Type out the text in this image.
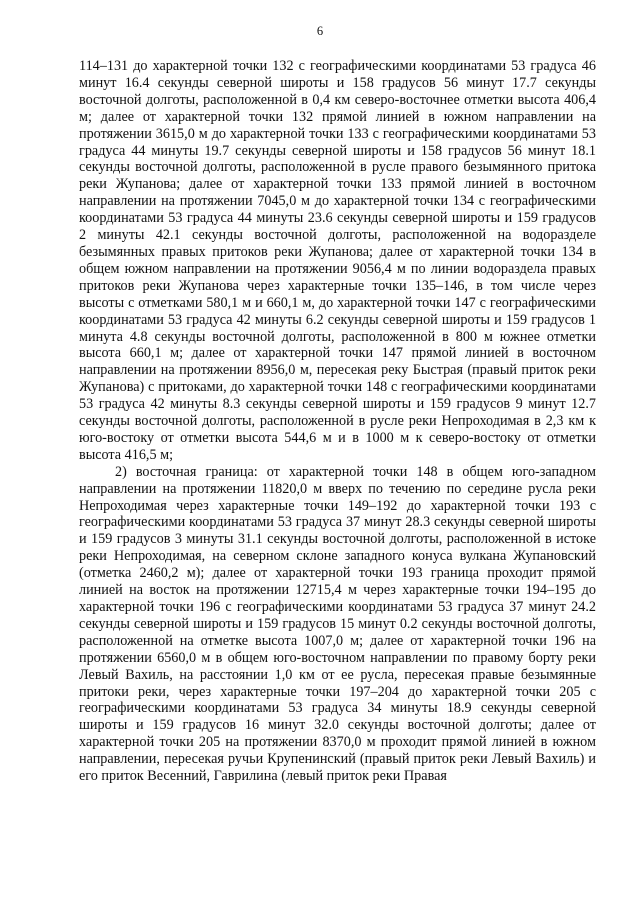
6

114–131 до характерной точки 132 с географическими координатами 53 градуса 46 минут 16.4 секунды северной широты и 158 градусов 56 минут 17.7 секунды восточной долготы, расположенной в 0,4 км северо-восточнее отметки высота 406,4 м; далее от характерной точки 132 прямой линией в южном направлении на протяжении 3615,0 м до характерной точки 133 с географическими координатами 53 градуса 44 минуты 19.7 секунды северной широты и 158 градусов 56 минут 18.1 секунды восточной долготы, расположенной в русле правого безымянного притока реки Жупанова; далее от характерной точки 133 прямой линией в восточном направлении на протяжении 7045,0 м до характерной точки 134 с географическими координатами 53 градуса 44 минуты 23.6 секунды северной широты и 159 градусов 2 минуты 42.1 секунды восточной долготы, расположенной на водоразделе безымянных правых притоков реки Жупанова; далее от характерной точки 134 в общем южном направлении на протяжении 9056,4 м по линии водораздела правых притоков реки Жупанова через характерные точки 135–146, в том числе через высоты с отметками 580,1 м и 660,1 м, до характерной точки 147 с географическими координатами 53 градуса 42 минуты 6.2 секунды северной широты и 159 градусов 1 минута 4.8 секунды восточной долготы, расположенной в 800 м южнее отметки высота 660,1 м; далее от характерной точки 147 прямой линией в восточном направлении на протяжении 8956,0 м, пересекая реку Быстрая (правый приток реки Жупанова) с притоками, до характерной точки 148 с географическими координатами 53 градуса 42 минуты 8.3 секунды северной широты и 159 градусов 9 минут 12.7 секунды восточной долготы, расположенной в русле реки Непроходимая в 2,3 км к юго-востоку от отметки высота 544,6 м и в 1000 м к северо-востоку от отметки высота 416,5 м;

2) восточная граница: от характерной точки 148 в общем юго-западном направлении на протяжении 11820,0 м вверх по течению по середине русла реки Непроходимая через характерные точки 149–192 до характерной точки 193 с географическими координатами 53 градуса 37 минут 28.3 секунды северной широты и 159 градусов 3 минуты 31.1 секунды восточной долготы, расположенной в истоке реки Непроходимая, на северном склоне западного конуса вулкана Жупановский (отметка 2460,2 м); далее от характерной точки 193 граница проходит прямой линией на восток на протяжении 12715,4 м через характерные точки 194–195 до характерной точки 196 с географическими координатами 53 градуса 37 минут 24.2 секунды северной широты и 159 градусов 15 минут 0.2 секунды восточной долготы, расположенной на отметке высота 1007,0 м; далее от характерной точки 196 на протяжении 6560,0 м в общем юго-восточном направлении по правому борту реки Левый Вахиль, на расстоянии 1,0 км от ее русла, пересекая правые безымянные притоки реки, через характерные точки 197–204 до характерной точки 205 с географическими координатами 53 градуса 34 минуты 18.9 секунды северной широты и 159 градусов 16 минут 32.0 секунды восточной долготы; далее от характерной точки 205 на протяжении 8370,0 м проходит прямой линией в южном направлении, пересекая ручьи Крупенинский (правый приток реки Левый Вахиль) и его приток Весенний, Гаврилина (левый приток реки Правая
